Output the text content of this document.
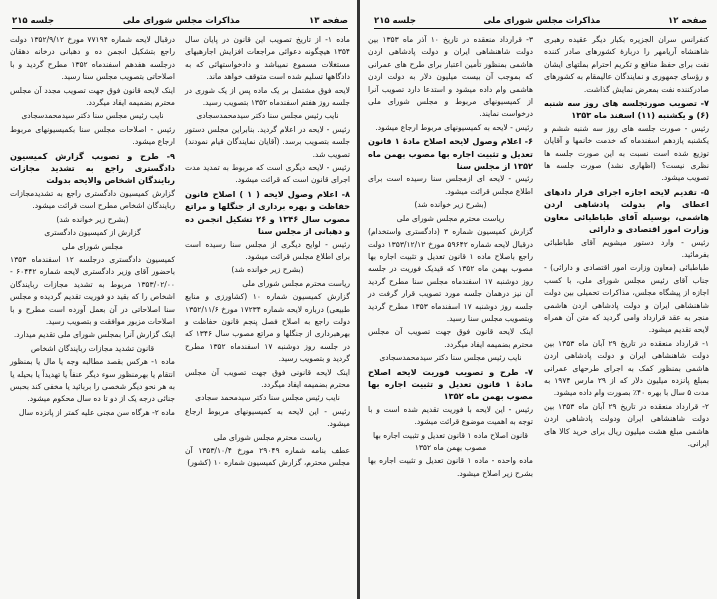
صفحه ۱۳
مذاکرات مجلس شورای ملی
جلسه ۲۱۵

ماده ۱- از تاریخ تصویب این قانون در پایان سال ۱۳۵۴ هیچگونه دعوائی مراجعات افزایش اجارهبهای مستغلات مسموع نمیباشد و دادخواستهائی که به دادگاهها تسلیم شده است متوقف خواهد ماند.

لایحه فوق مشتمل بر یک ماده پس از یک شوری در جلسه روز هفتم اسفندماه ۱۳۵۲ بتصویب رسید.

نایب رئیس مجلس سنا دکتر سیدمحمدسجادی

رئیس - لایحه در اعلام گردید. بنابراین مجلس دستور جلسه بتصویب برسد. (آقایان نمایندگان قیام نمودند) تصویب شد.

رئیس - لایحه دیگری است که مربوط به تمدید مدت اجرای قانون است که قرائت میشود.

۸- اعلام وصول لایحه ( ۱ ) اصلاح قانون حفاظت و بهره برداری از جنگلها و مراتع مصوب سال ۱۳۴۶ و ۲۶ تشکیل انجمن ده و دهبانی از مجلس سنا

رئیس - لوایح دیگری از مجلس سنا رسیده است برای اطلاع مجلس قرائت میشود.

(بشرح زیر خوانده شد)

ریاست محترم مجلس شورای ملی

گزارش کمیسیون شماره ۱۰ (کشاورزی و منابع طبیعی) درباره لایحه شماره ۱۷۲۳۴ مورخ ۱۳۵۲/۱۱/۶ دولت راجع به اصلاح فصل پنجم قانون حفاظت و بهرهبرداری از جنگلها و مراتع مصوب سال ۱۳۴۶ که در جلسه روز دوشنبه ۱۷ اسفندماه ۱۳۵۲ مطرح گردید و بتصویب رسید.

اینک لایحه قانونی فوق جهت تصویب آن مجلس محترم بضمیمه ایفاد میگردد.

نایب رئیس مجلس سنا دکتر سیدمحمد سجادی

رئیس - این لایحه به کمیسیونهای مربوط ارجاع میشود.

ریاست محترم مجلس شورای ملی

عطف بنامه شماره ۲۹۰۴۹ مورخ ۱۳۵۳/۱۰/۴ آن مجلس محترم، گزارش کمیسیون شماره ۱۰ (کشور)

درقبال لایحه شماره ۷۷۱۹۴ مورخ ۱۳۵۲/۹/۱۲ دولت راجع بتشکیل انجمن ده و دهبانی درخانه دهقان درجلسه هفدهم اسفندماه ۱۳۵۲ مطرح گردید و با اصلاحاتی بتصویب مجلس سنا رسید.

اینک لایحه قانون فوق جهت تصویب مجدد آن مجلس محترم بضمیمه ایفاد میگردد.

نایب رئیس مجلس سنا دکتر سیدمحمدسجادی

رئیس - اصلاحات مجلس سنا بکمیسیونهای مربوط ارجاع میشود.

۹- طرح و تصویب گزارش کمیسیون دادگستری راجع به تشدید مجازات ربایندگان اشخاص والایحه بدولت

گزارش کمیسیون دادگستری راجع به تشدیدمجازات ربایندگان اشخاص مطرح است قرائت میشود.

(بشرح زیر خوانده شد)

گزارش از کمیسیون دادگستری

مجلس شورای ملی

کمیسیون دادگستری درجلسه ۱۲ اسفندماه ۱۳۵۳ باحضور آقای وزیر دادگستری لایحه شماره ۶۰۴۴۲ - ۱۳۵۳/۰۲/۰۰ مربوط به تشدید مجازات ربایندگان اشخاص را که بقید دو فوریت تقدیم گردیده و مجلس سنا اصلاحاتی در آن بعمل آورده است مطرح و با اصلاحات مزبور موافقت و بتصویب رسید.

اینک گزارش آنرا بمجلس شورای ملی تقدیم میدارد.

قانون تشدید مجازات ربایندگان اشخاص

ماده ۱- هرکس بقصد مطالبه وجه یا مال یا بمنظور انتقام یا بهرمنظور سوء دیگر عنفاً یا تهدیداً یا بحیله یا به هر نحو دیگر شخصی را بربائید یا مخفی کند بحبس جنائی درجه یک از دو تا ده سال محکوم میشود.

ماده ۲- هرگاه سن مجنی علیه کمتر از پانزده سال

صفحه ۱۲
مذاکرات مجلس شورای ملی
جلسه ۲۱۵

کنفرانس سران الجزیره بکبار دیگر عقیده رهبری شاهنشاه آریامهر را دربارهٔ کشورهای صادر کننده نفت برای حفظ منافع و تکریم احترام بملتهای ایشان و رؤسای جمهوری و نمایندگان عالیمقام به کشورهای صادرکننده نفت بمعرض نمایش گذاشت.

۷- تصویب صورتجلسه های روز سه شنبه (۶) و یکشنبه (۱۱) اسفند ماه ۱۳۵۳

رئیس - صورت جلسه های روز سه شنبه ششم و یکشنبه یازدهم اسفندماه که خدمت خانمها و آقایان توزیع شده است نسبت به این صورت جلسه ها نظری نیست؟ (اظهاری نشد) صورت جلسه ها تصویب میشود.

۵- تقدیم لایحه اجازه اجرای قرار دادهای اعطای وام بدولت پادشاهی اردن هاشمی، بوسیله آقای طباطبائی معاون وزارت امور اقتصادی و دارائی

رئیس - وارد دستور میشویم آقای طباطبائی بفرمائید.

طباطبائی (معاون وزارت امور اقتصادی و دارائی) - جناب آقای رئیس مجلس شورای ملی، با کسب اجازه از پیشگاه مجلس، مذاکرات تحمیلی بین دولت شاهنشاهی ایران و دولت پادشاهی اردن هاشمی منجر به عقد قرارداد وامی گردید که متن آن همراه لایحه تقدیم میشود.

۱- قرارداد منعقده در تاریخ ۲۹ آبان ماه ۱۳۵۳ بین دولت شاهنشاهی ایران و دولت پادشاهی اردن هاشمی بمنظور کمک به اجرای طرحهای عمرانی بمبلغ پانزده میلیون دلار که از ۲۹ مارس ۱۹۷۴ به مدت ۵ سال با بهره ۴۰٪ بصورت وام داده میشود.

۲- قرارداد منعقده در تاریخ ۲۹ آبان ماه ۱۳۵۳ بین دولت شاهنشاهی ایران ودولت پادشاهی اردن هاشمی مبلغ هشت میلیون ریال برای خرید کالا های ایرانی.

۳- قرارداد منعقده در تاریخ ۱۰ آذر ماه ۱۳۵۳ بین دولت شاهنشاهی ایران و دولت پادشاهی اردن هاشمی بمنظور تأمین اعتبار برای طرح های عمرانی که بموجب آن بیست میلیون دلار به دولت اردن هاشمی وام داده میشود و استدعا دارد تصویب آنرا از کمیسیونهای مربوط و مجلس شورای ملی درخواست نمایند.

رئیس - لایحه به کمیسیونهای مربوط ارجاع میشود.

۶- اعلام وصول لایحه اصلاح مادهٔ ۱ قانون تعدیل و تثبیت اجاره بها مصوب بهمن ماه ۱۳۵۲ از مجلس سنا

رئیس - لایحه ای ازمجلس سنا رسیده است برای اطلاع مجلس قرائت میشود.

(بشرح زیر خوانده شد)

ریاست محترم مجلس شورای ملی

گزارش کمیسیون شماره ۳ (دادگستری واستخدام) درقبال لایحه شماره ۵۹۶۴۲ مورخ ۱۳۵۳/۱۲/۱۲ دولت راجع باصلاح ماده ۱ قانون تعدیل و تثبیت اجاره بها مصوب بهمن ماه ۱۳۵۲ که قیدیک فوریت در جلسه روز دوشنبه ۱۷ اسفندماه مجلس سنا مطرح گردید آن نیز درهمان جلسه مورد تصویب قرار گرفت در جلسه روز دوشنبه ۱۷ اسفندماه ۱۳۵۳ مطرح گردید وبتصویب مجلس سنا رسید.

اینک لایحه قانون فوق جهت تصویب آن مجلس محترم بضمیمه ایفاد میگردد.

نایب رئیس مجلس سنا دکتر سیدمحمدسجادی

۷- طرح و تصویب فوریت لایحه اصلاح مادهٔ ۱ قانون تعدیل و تثبیت اجاره بها مصوب بهمن ماه ۱۳۵۲

رئیس - این لایحه با فوریت تقدیم شده است و با توجه به اهمیت موضوع قرائت میشود.

قانون اصلاح ماده ۱ قانون تعدیل و تثبیت اجاره بها مصوب بهمن ماه ۱۳۵۲

ماده واحده - ماده ۱ قانون تعدیل و تثبیت اجاره بها بشرح زیر اصلاح میشود.
